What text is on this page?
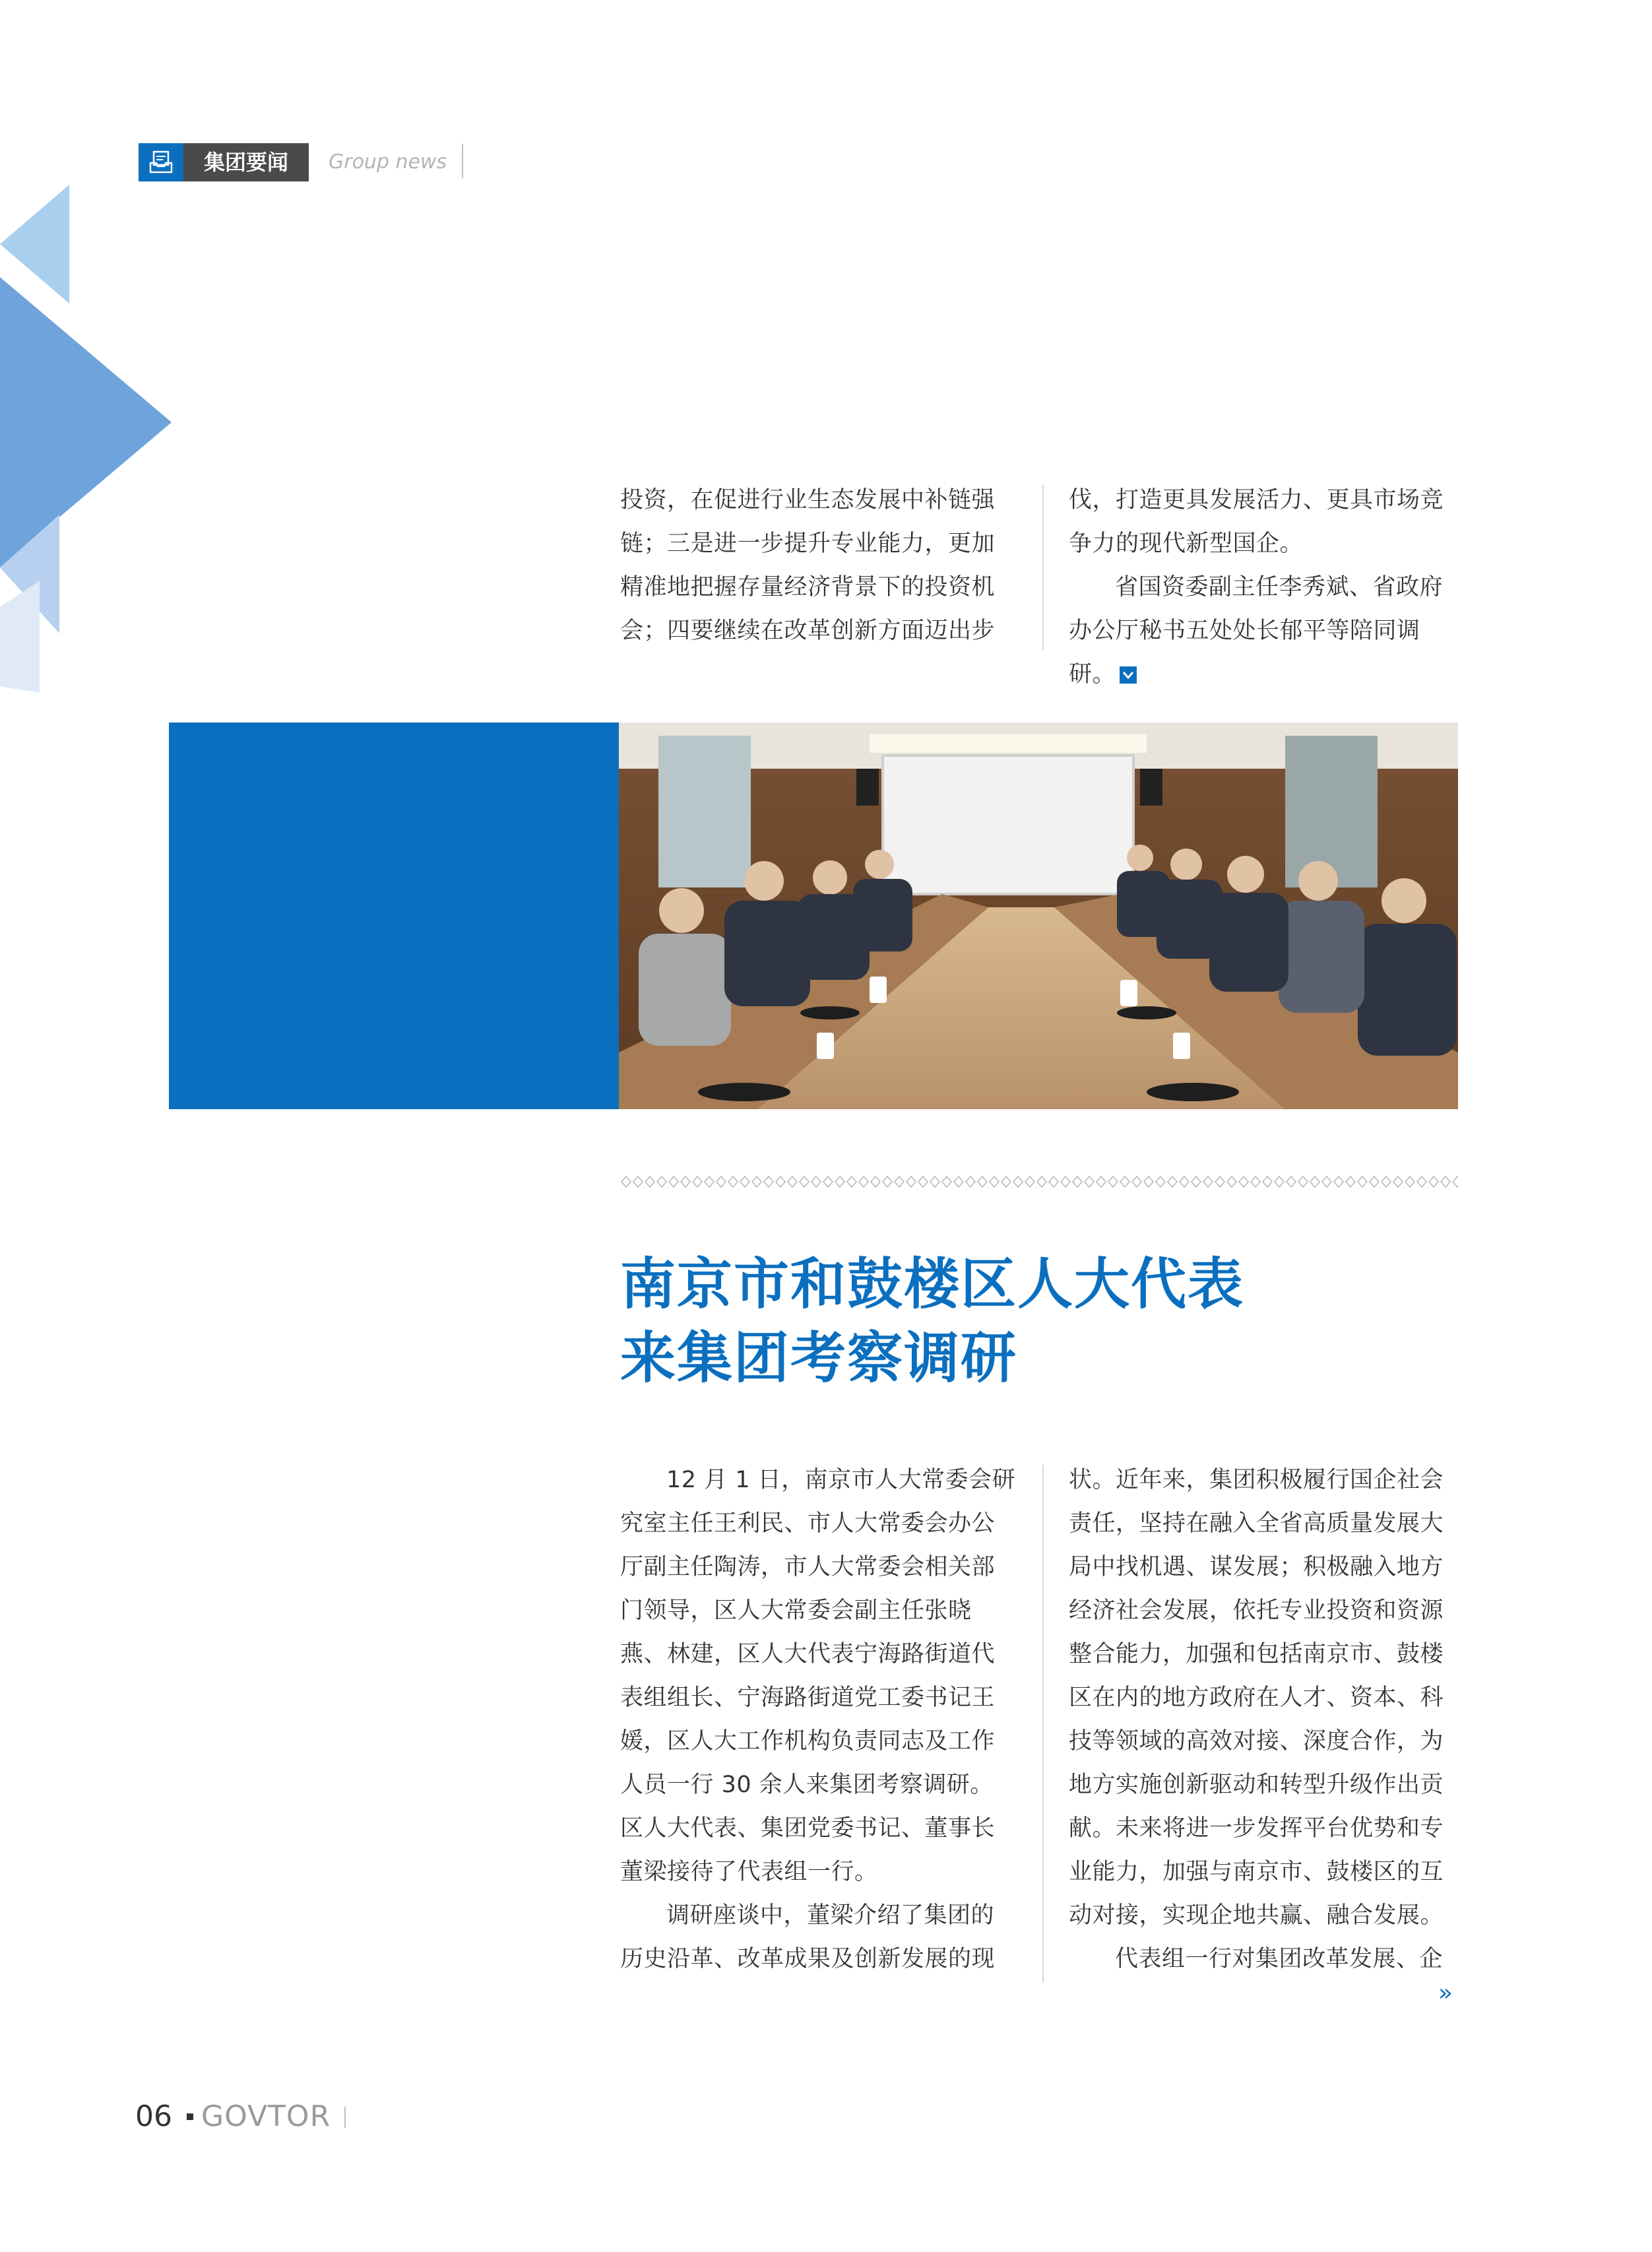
集团要闻	Group news

投资，在促进行业生态发展中补链强链；三是进一步提升专业能力，更加精准地把握存量经济背景下的投资机会；四要继续在改革创新方面迈出步

伐，打造更具发展活力、更具市场竞争力的现代新型国企。

省国资委副主任李秀斌、省政府办公厅秘书五处处长郁平等陪同调研。

南京市和鼓楼区人大代表
来集团考察调研

12 月 1 日，南京市人大常委会研究室主任王利民、市人大常委会办公厅副主任陶涛，市人大常委会相关部门领导，区人大常委会副主任张晓燕、林建，区人大代表宁海路街道代表组组长、宁海路街道党工委书记王媛，区人大工作机构负责同志及工作人员一行 30 余人来集团考察调研。区人大代表、集团党委书记、董事长董梁接待了代表组一行。

调研座谈中，董梁介绍了集团的历史沿革、改革成果及创新发展的现

状。近年来，集团积极履行国企社会责任，坚持在融入全省高质量发展大局中找机遇、谋发展；积极融入地方经济社会发展，依托专业投资和资源整合能力，加强和包括南京市、鼓楼区在内的地方政府在人才、资本、科技等领域的高效对接、深度合作，为地方实施创新驱动和转型升级作出贡献。未来将进一步发挥平台优势和专业能力，加强与南京市、鼓楼区的互动对接，实现企地共赢、融合发展。

代表组一行对集团改革发展、企

»
06 GOVTOR
